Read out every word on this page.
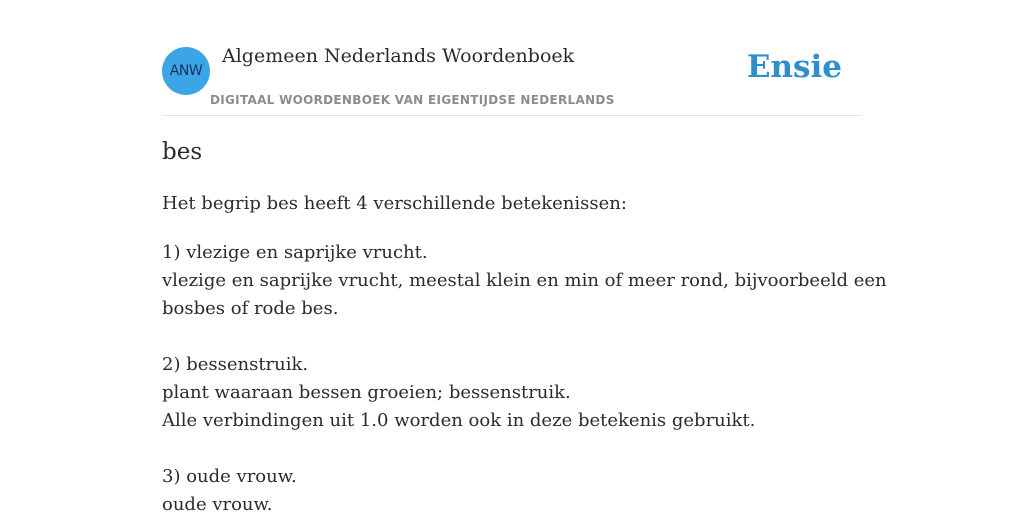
ANW
Algemeen Nederlands Woordenboek
DIGITAAL WOORDENBOEK VAN EIGENTIJDSE NEDERLANDS
Ensie
bes
Het begrip bes heeft 4 verschillende betekenissen:
1) vlezige en saprijke vrucht.
vlezige en saprijke vrucht, meestal klein en min of meer rond, bijvoorbeeld een
bosbes of rode bes.
2) bessenstruik.
plant waaraan bessen groeien; bessenstruik.
Alle verbindingen uit 1.0 worden ook in deze betekenis gebruikt.
3) oude vrouw.
oude vrouw.
